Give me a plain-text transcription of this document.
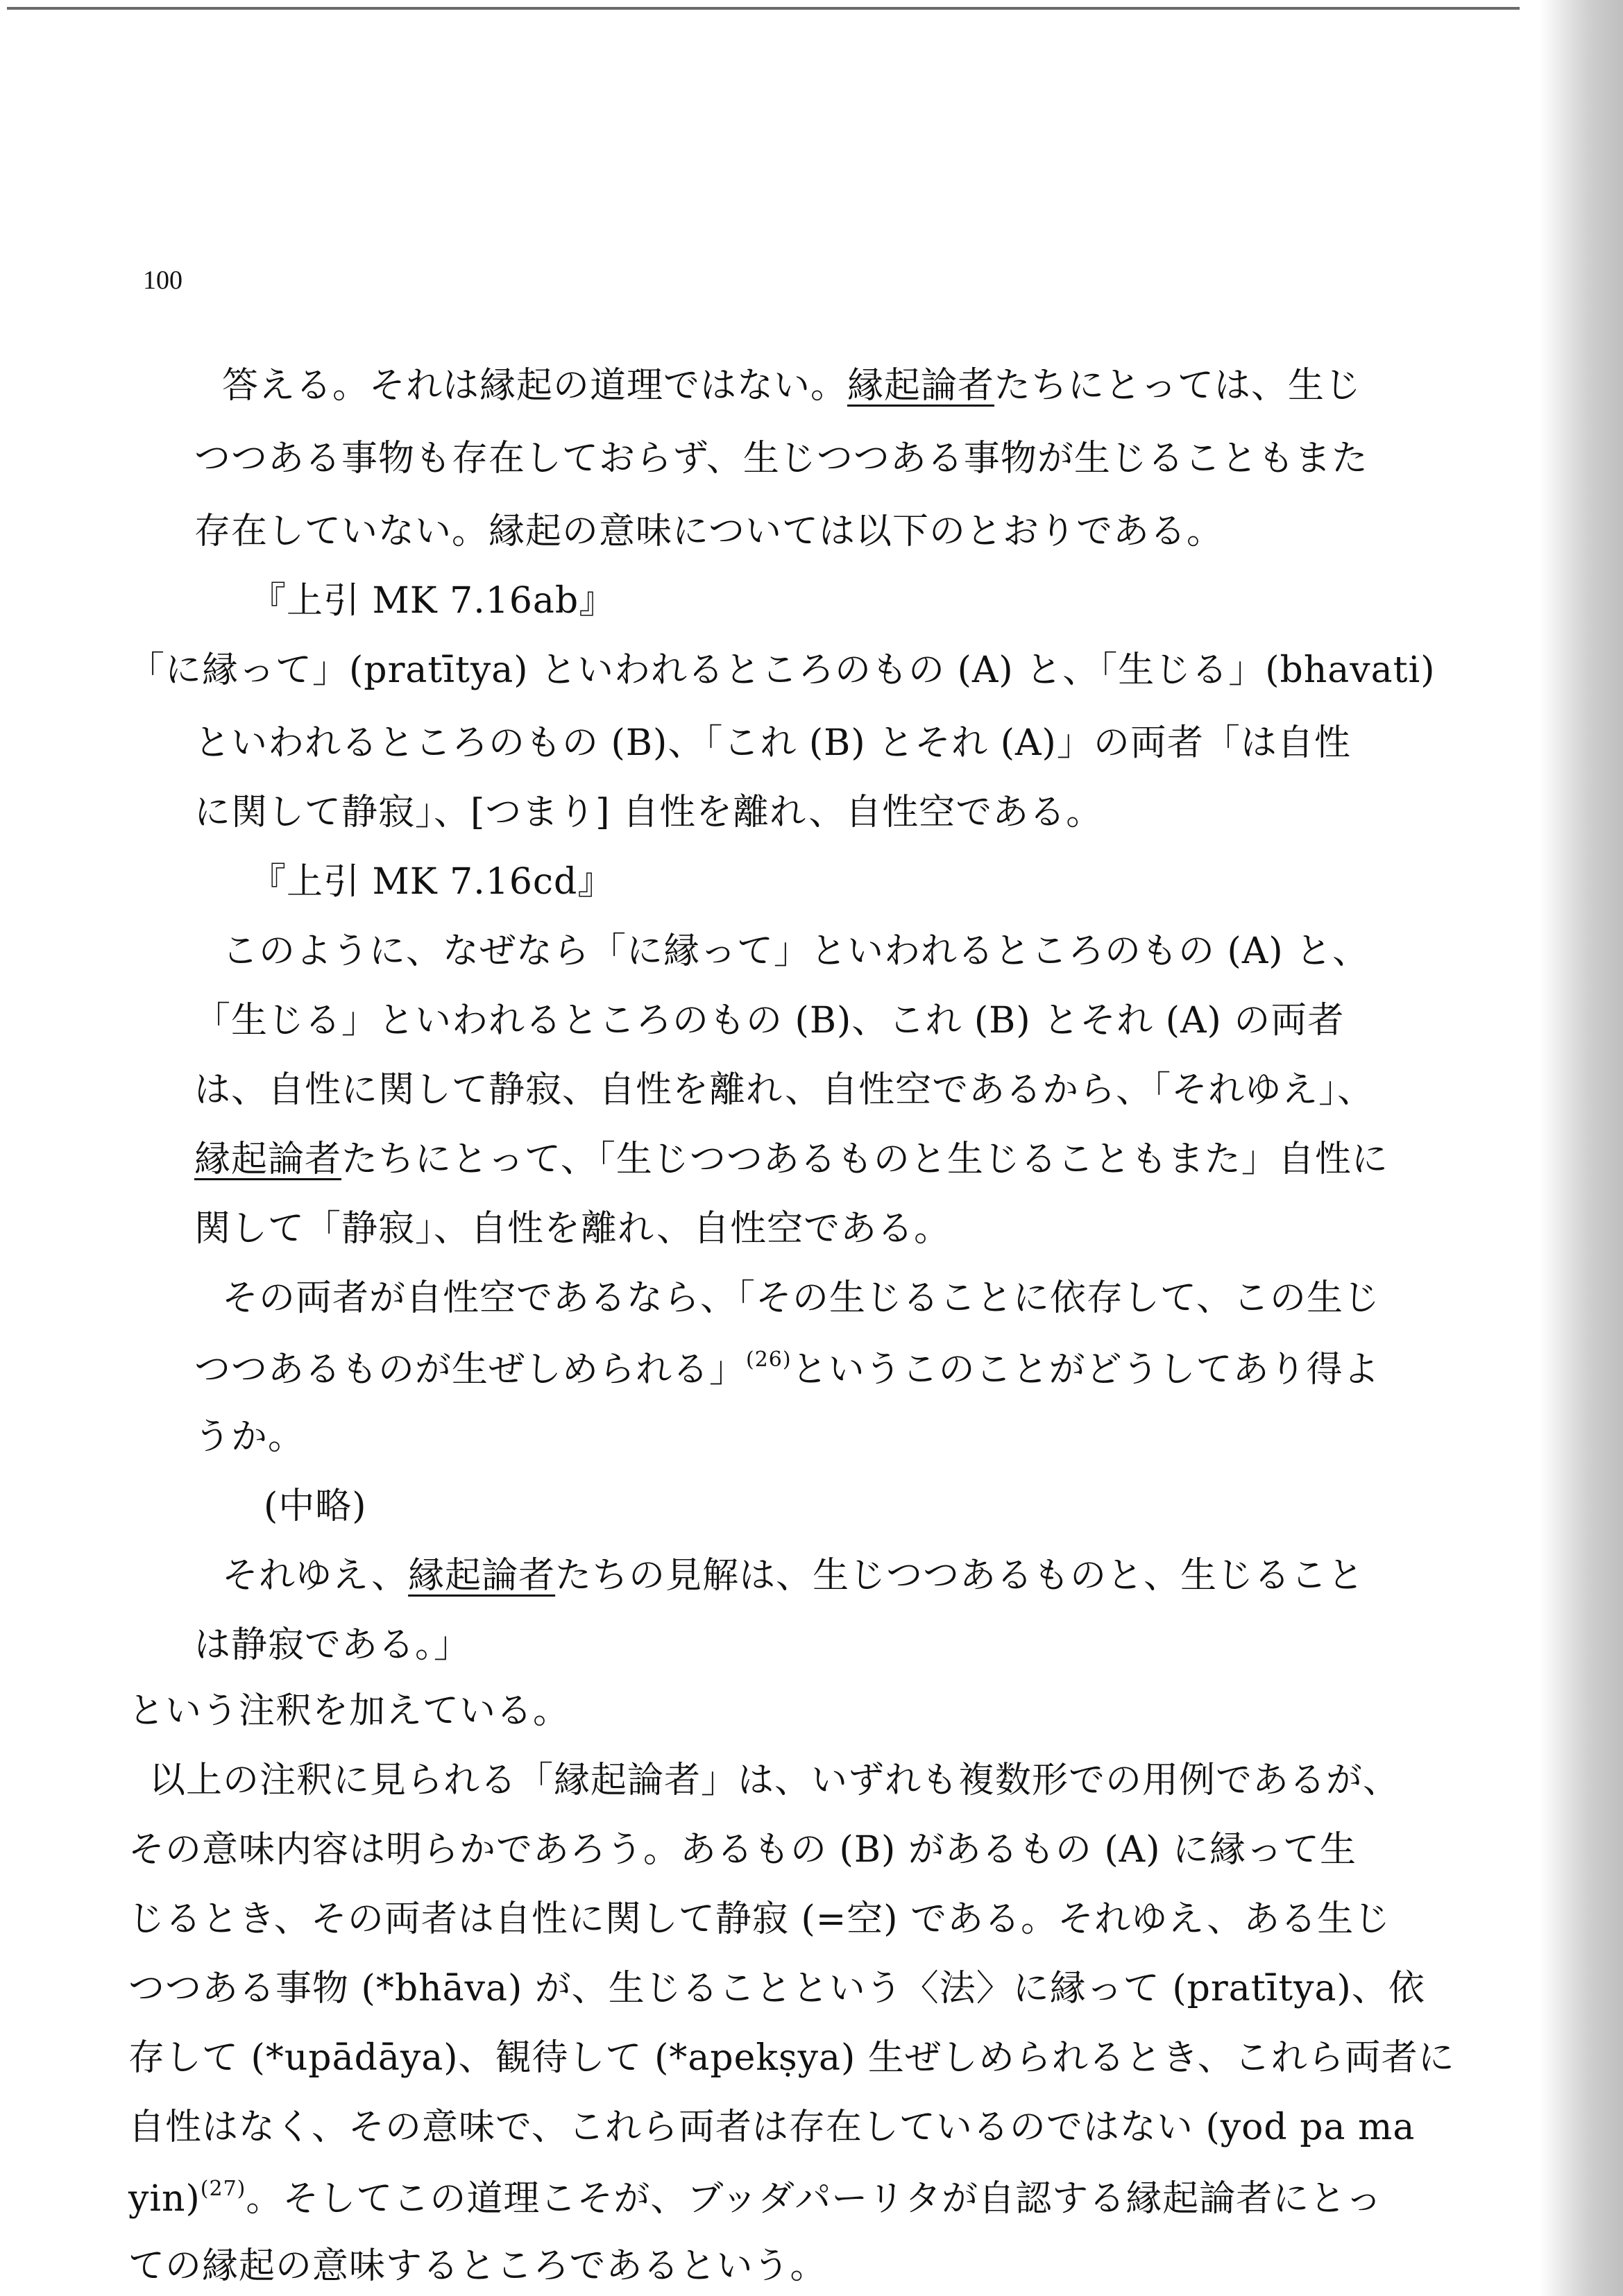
100
答える。それは縁起の道理ではない。縁起論者たちにとっては、生じ
つつある事物も存在しておらず、生じつつある事物が生じることもまた
存在していない。縁起の意味については以下のとおりである。
『上引 MK 7.16ab』
「に縁って」(pratītya) といわれるところのもの (A) と、「生じる」(bhavati)
といわれるところのもの (B)、「これ (B) とそれ (A)」の両者「は自性
に関して静寂」、[つまり] 自性を離れ、自性空である。
『上引 MK 7.16cd』
このように、なぜなら「に縁って」といわれるところのもの (A) と、
「生じる」といわれるところのもの (B)、これ (B) とそれ (A) の両者
は、自性に関して静寂、自性を離れ、自性空であるから、「それゆえ」、
縁起論者たちにとって、「生じつつあるものと生じることもまた」自性に
関して「静寂」、自性を離れ、自性空である。
その両者が自性空であるなら、「その生じることに依存して、この生じ
つつあるものが生ぜしめられる」$^{(26)}$というこのことがどうしてあり得よ
うか。
(中略)
それゆえ、縁起論者たちの見解は、生じつつあるものと、生じること
は静寂である。」
という注釈を加えている。
以上の注釈に見られる「縁起論者」は、いずれも複数形での用例であるが、
その意味内容は明らかであろう。あるもの (B) があるもの (A) に縁って生
じるとき、その両者は自性に関して静寂 (=空) である。それゆえ、ある生じ
つつある事物 (*bhāva) が、生じることという〈法〉に縁って (pratītya)、依
存して (*upādāya)、観待して (*apekṣya) 生ぜしめられるとき、これら両者に
自性はなく、その意味で、これら両者は存在しているのではない (yod pa ma
yin)$^{(27)}$。そしてこの道理こそが、ブッダパーリタが自認する縁起論者にとっ
ての縁起の意味するところであるという。
